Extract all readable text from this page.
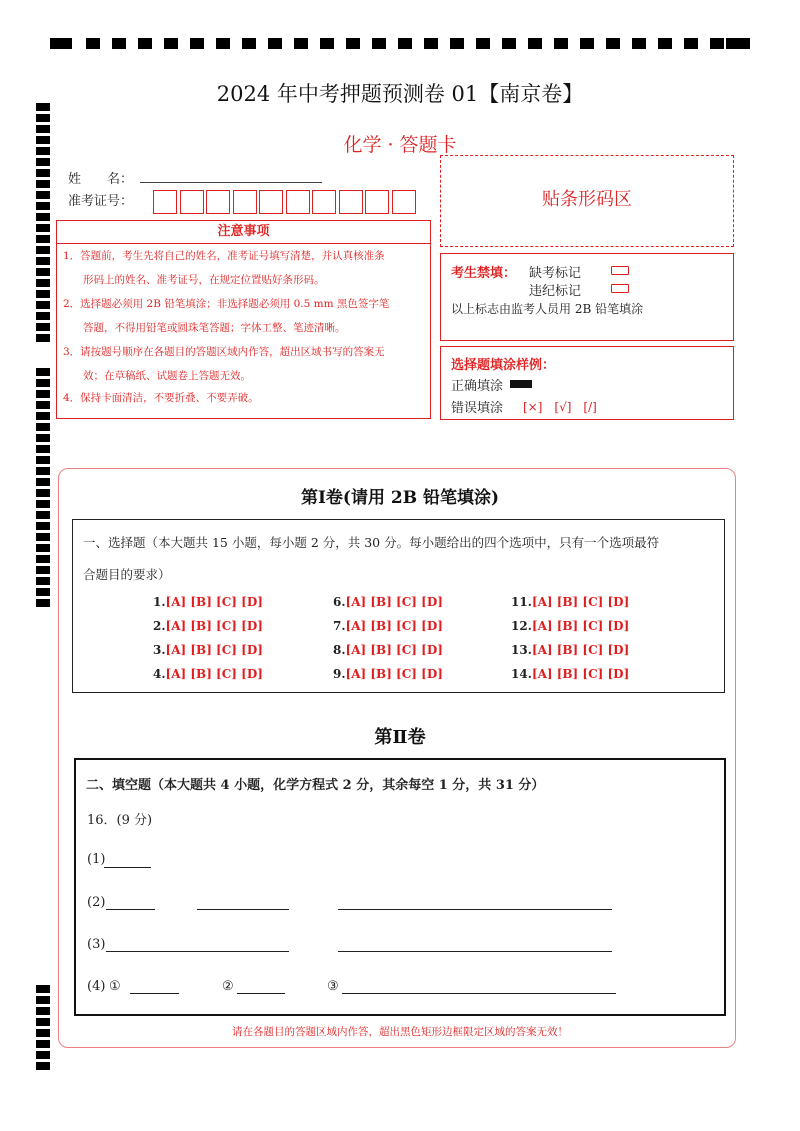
2024 年中考押题预测卷 01【南京卷】
化学 · 答题卡
姓　　名：
准考证号：
注意事项
1．答题前，考生先将自己的姓名，准考证号填写清楚，并认真核准条
形码上的姓名、准考证号，在规定位置贴好条形码。
2．选择题必须用 2B 铅笔填涂；非选择题必须用 0.5 mm 黑色签字笔
答题，不得用铅笔或圆珠笔答题；字体工整、笔迹清晰。
3．请按题号顺序在各题目的答题区域内作答，超出区域书写的答案无
效；在草稿纸、试题卷上答题无效。
4．保持卡面清洁，不要折叠、不要弄破。
贴条形码区
考生禁填： 缺考标记
违纪标记
以上标志由监考人员用 2B 铅笔填涂
选择题填涂样例：
正确填涂
错误填涂 [×]　[√]　[/]
第Ⅰ卷(请用 2B 铅笔填涂)
一、选择题（本大题共 15 小题，每小题 2 分，共 30 分。每小题给出的四个选项中，只有一个选项最符
合题目的要求）
1.[A] [B] [C] [D]
2.[A] [B] [C] [D]
3.[A] [B] [C] [D]
4.[A] [B] [C] [D]
6.[A] [B] [C] [D]
7.[A] [B] [C] [D]
8.[A] [B] [C] [D]
9.[A] [B] [C] [D]
11.[A] [B] [C] [D]
12.[A] [B] [C] [D]
13.[A] [B] [C] [D]
14.[A] [B] [C] [D]
第Ⅱ卷
二、填空题（本大题共 4 小题，化学方程式 2 分，其余每空 1 分，共 31 分）
16．(9 分)
(1)
(2)
(3)
(4) ①	②	③
请在各题目的答题区域内作答，超出黑色矩形边框限定区域的答案无效！
